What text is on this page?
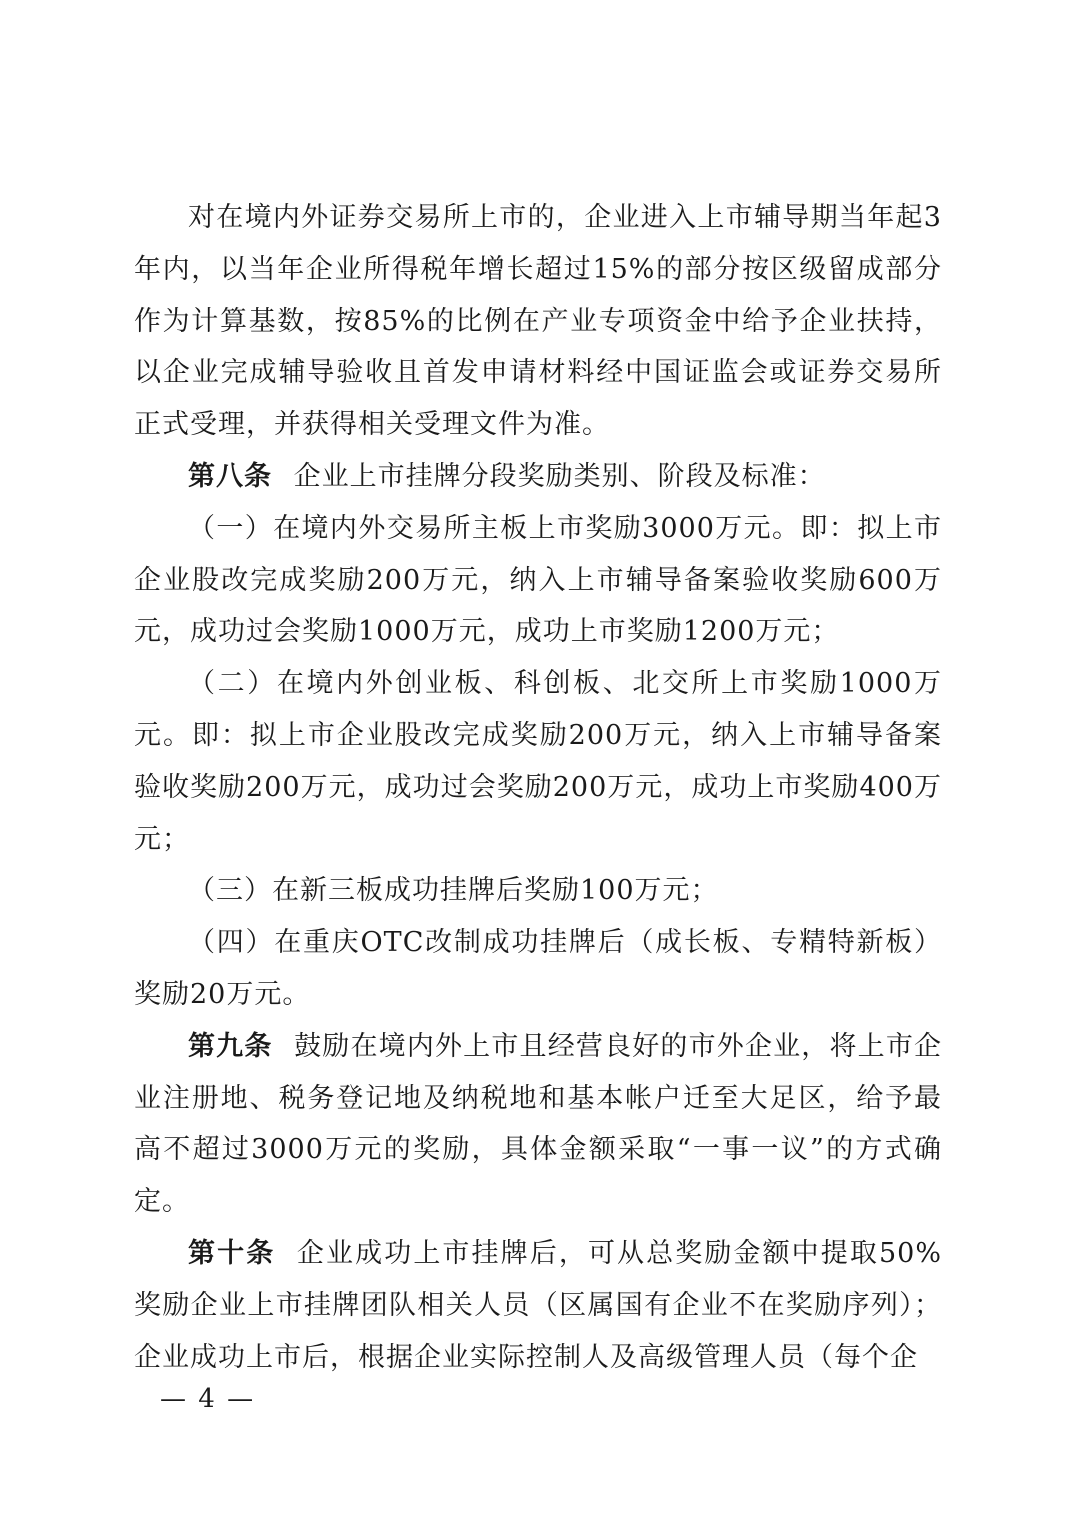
对在境内外证券交易所上市的，企业进入上市辅导期当年起3年内，以当年企业所得税年增长超过15%的部分按区级留成部分作为计算基数，按85%的比例在产业专项资金中给予企业扶持，以企业完成辅导验收且首发申请材料经中国证监会或证券交易所正式受理，并获得相关受理文件为准。

第八条 企业上市挂牌分段奖励类别、阶段及标准：

（一）在境内外交易所主板上市奖励3000万元。即：拟上市企业股改完成奖励200万元，纳入上市辅导备案验收奖励600万元，成功过会奖励1000万元，成功上市奖励1200万元；

（二）在境内外创业板、科创板、北交所上市奖励1000万元。即：拟上市企业股改完成奖励200万元，纳入上市辅导备案验收奖励200万元，成功过会奖励200万元，成功上市奖励400万元；

（三）在新三板成功挂牌后奖励100万元；

（四）在重庆OTC改制成功挂牌后（成长板、专精特新板）奖励20万元。

第九条 鼓励在境内外上市且经营良好的市外企业，将上市企业注册地、税务登记地及纳税地和基本帐户迁至大足区，给予最高不超过3000万元的奖励，具体金额采取“一事一议”的方式确定。

第十条 企业成功上市挂牌后，可从总奖励金额中提取50%奖励企业上市挂牌团队相关人员（区属国有企业不在奖励序列）；企业成功上市后，根据企业实际控制人及高级管理人员（每个企

— 4 —
